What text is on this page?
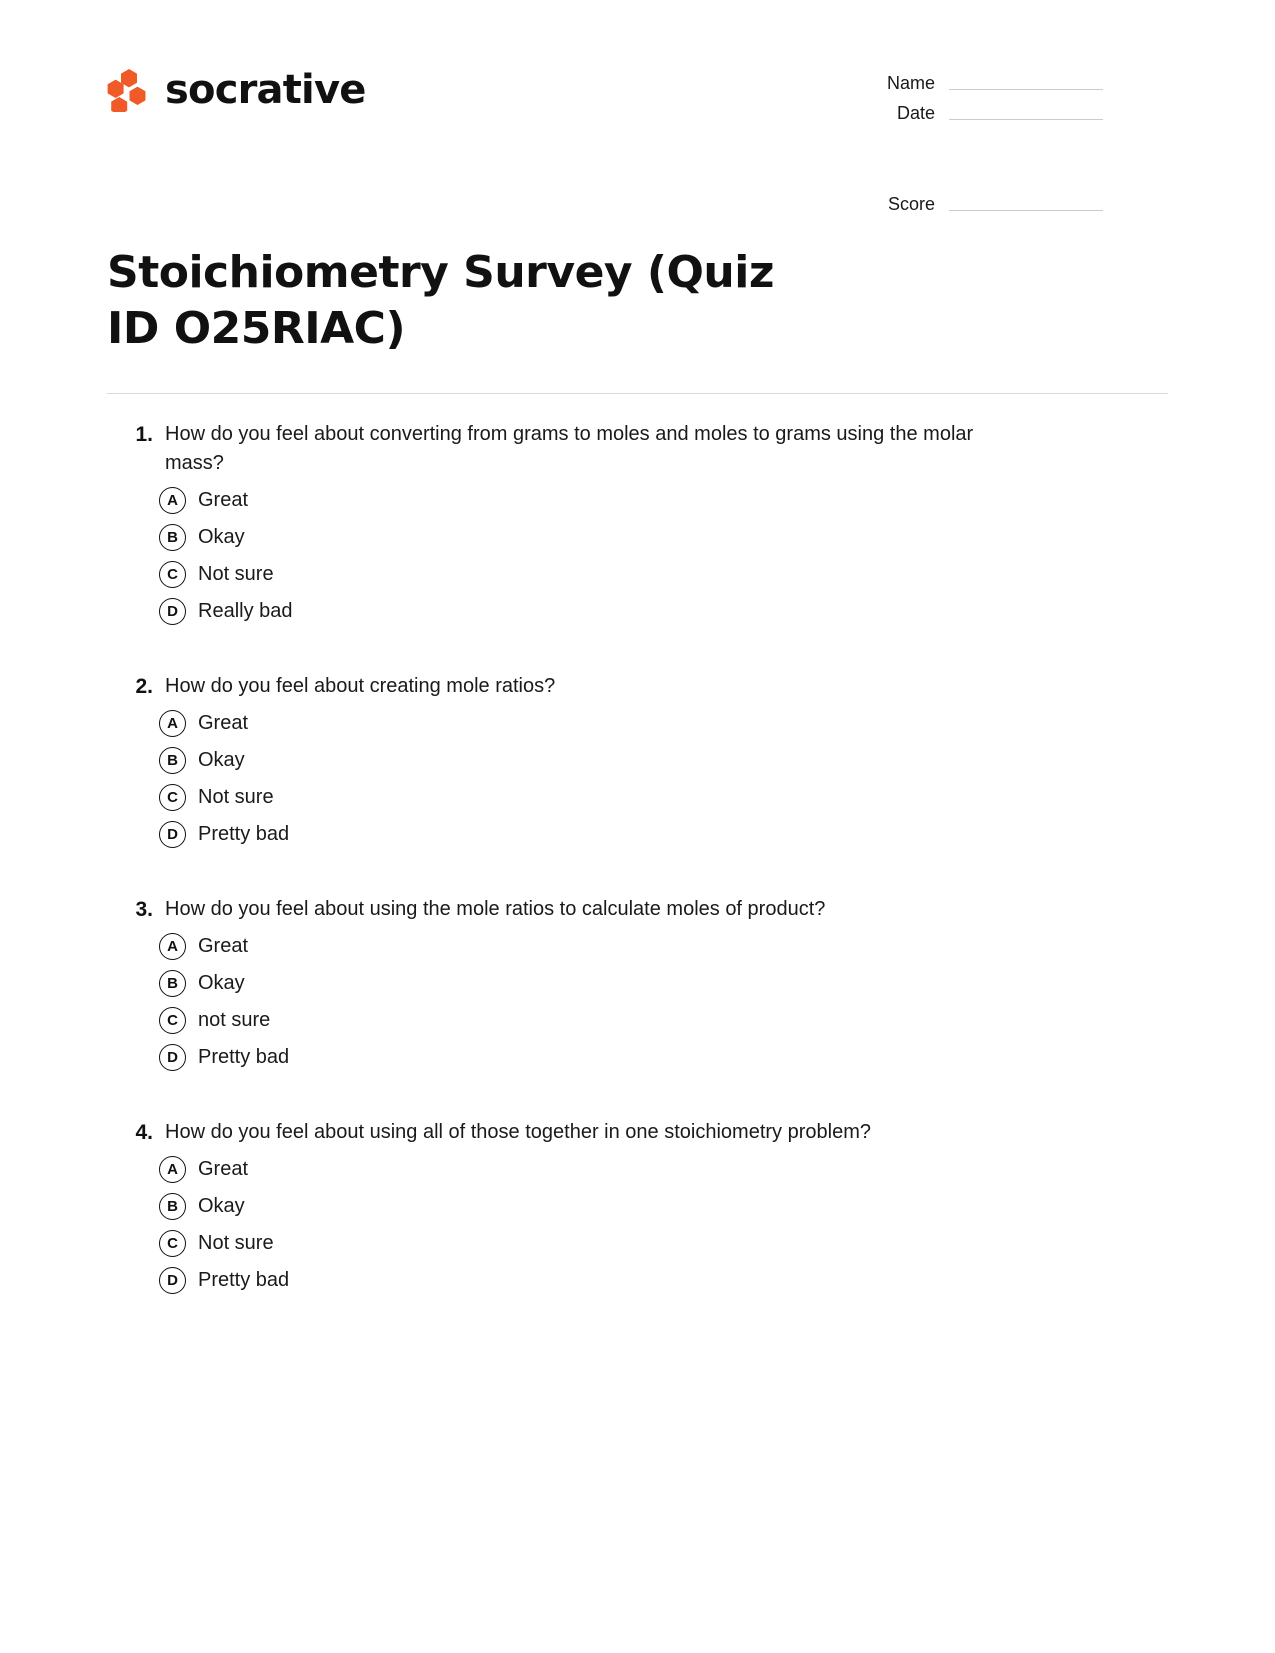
socrative	Name
Date
Score
Stoichiometry Survey (Quiz ID O25RIAC)
1. How do you feel about converting from grams to moles and moles to grams using the molar mass?
A	Great
B	Okay
C	Not sure
D	Really bad
2. How do you feel about creating mole ratios?
A	Great
B	Okay
C	Not sure
D	Pretty bad
3. How do you feel about using the mole ratios to calculate moles of product?
A	Great
B	Okay
C	not sure
D	Pretty bad
4. How do you feel about using all of those together in one stoichiometry problem?
A	Great
B	Okay
C	Not sure
D	Pretty bad
